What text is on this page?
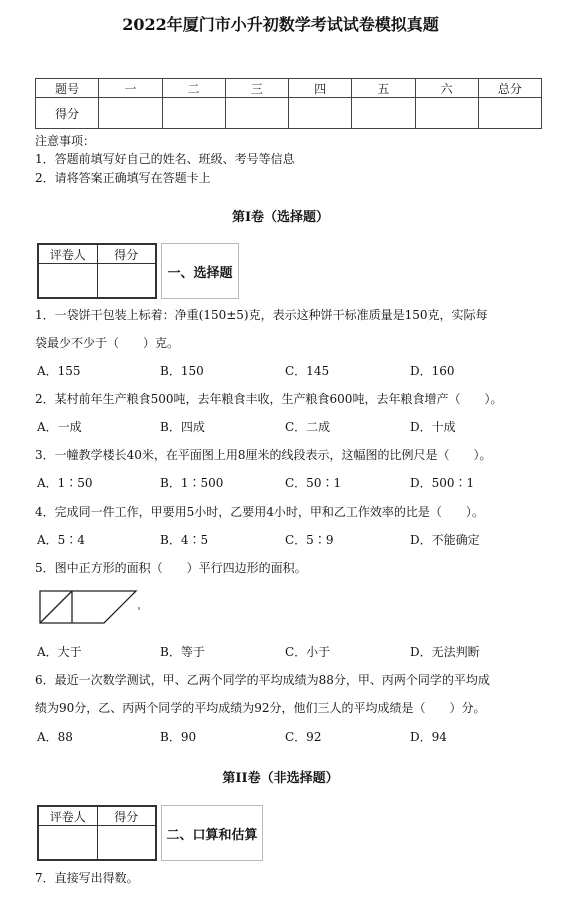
2022年厦门市小升初数学考试试卷模拟真题
题号	一	二	三	四	五	六	总分
得分							
注意事项：
1．答题前填写好自己的姓名、班级、考号等信息
2．请将答案正确填写在答题卡上
第Ⅰ卷（选择题）
评卷人	得分

一、选择题
1．一袋饼干包装上标着：净重(150±5)克，表示这种饼干标准质量是150克，实际每
袋最少不少于（　　）克。
A．155	B．150	C．145	D．160
2．某村前年生产粮食500吨，去年粮食丰收，生产粮食600吨，去年粮食增产（　　）。
A．一成	B．四成	C．二成	D．十成
3．一幢教学楼长40米，在平面图上用8厘米的线段表示，这幅图的比例尺是（　　）。
A．1∶50	B．1∶500	C．50∶1	D．500∶1
4．完成同一件工作，甲要用5小时，乙要用4小时，甲和乙工作效率的比是（　　）。
A．5∶4	B．4∶5	C．5∶9	D．不能确定
5．图中正方形的面积（　　）平行四边形的面积。
A．大于	B．等于	C．小于	D．无法判断
6．最近一次数学测试，甲、乙两个同学的平均成绩为88分，甲、丙两个同学的平均成
绩为90分，乙、丙两个同学的平均成绩为92分，他们三人的平均成绩是（　　）分。
A．88	B．90	C．92	D．94
第II卷（非选择题）
评卷人	得分

二、口算和估算
7．直接写出得数。
